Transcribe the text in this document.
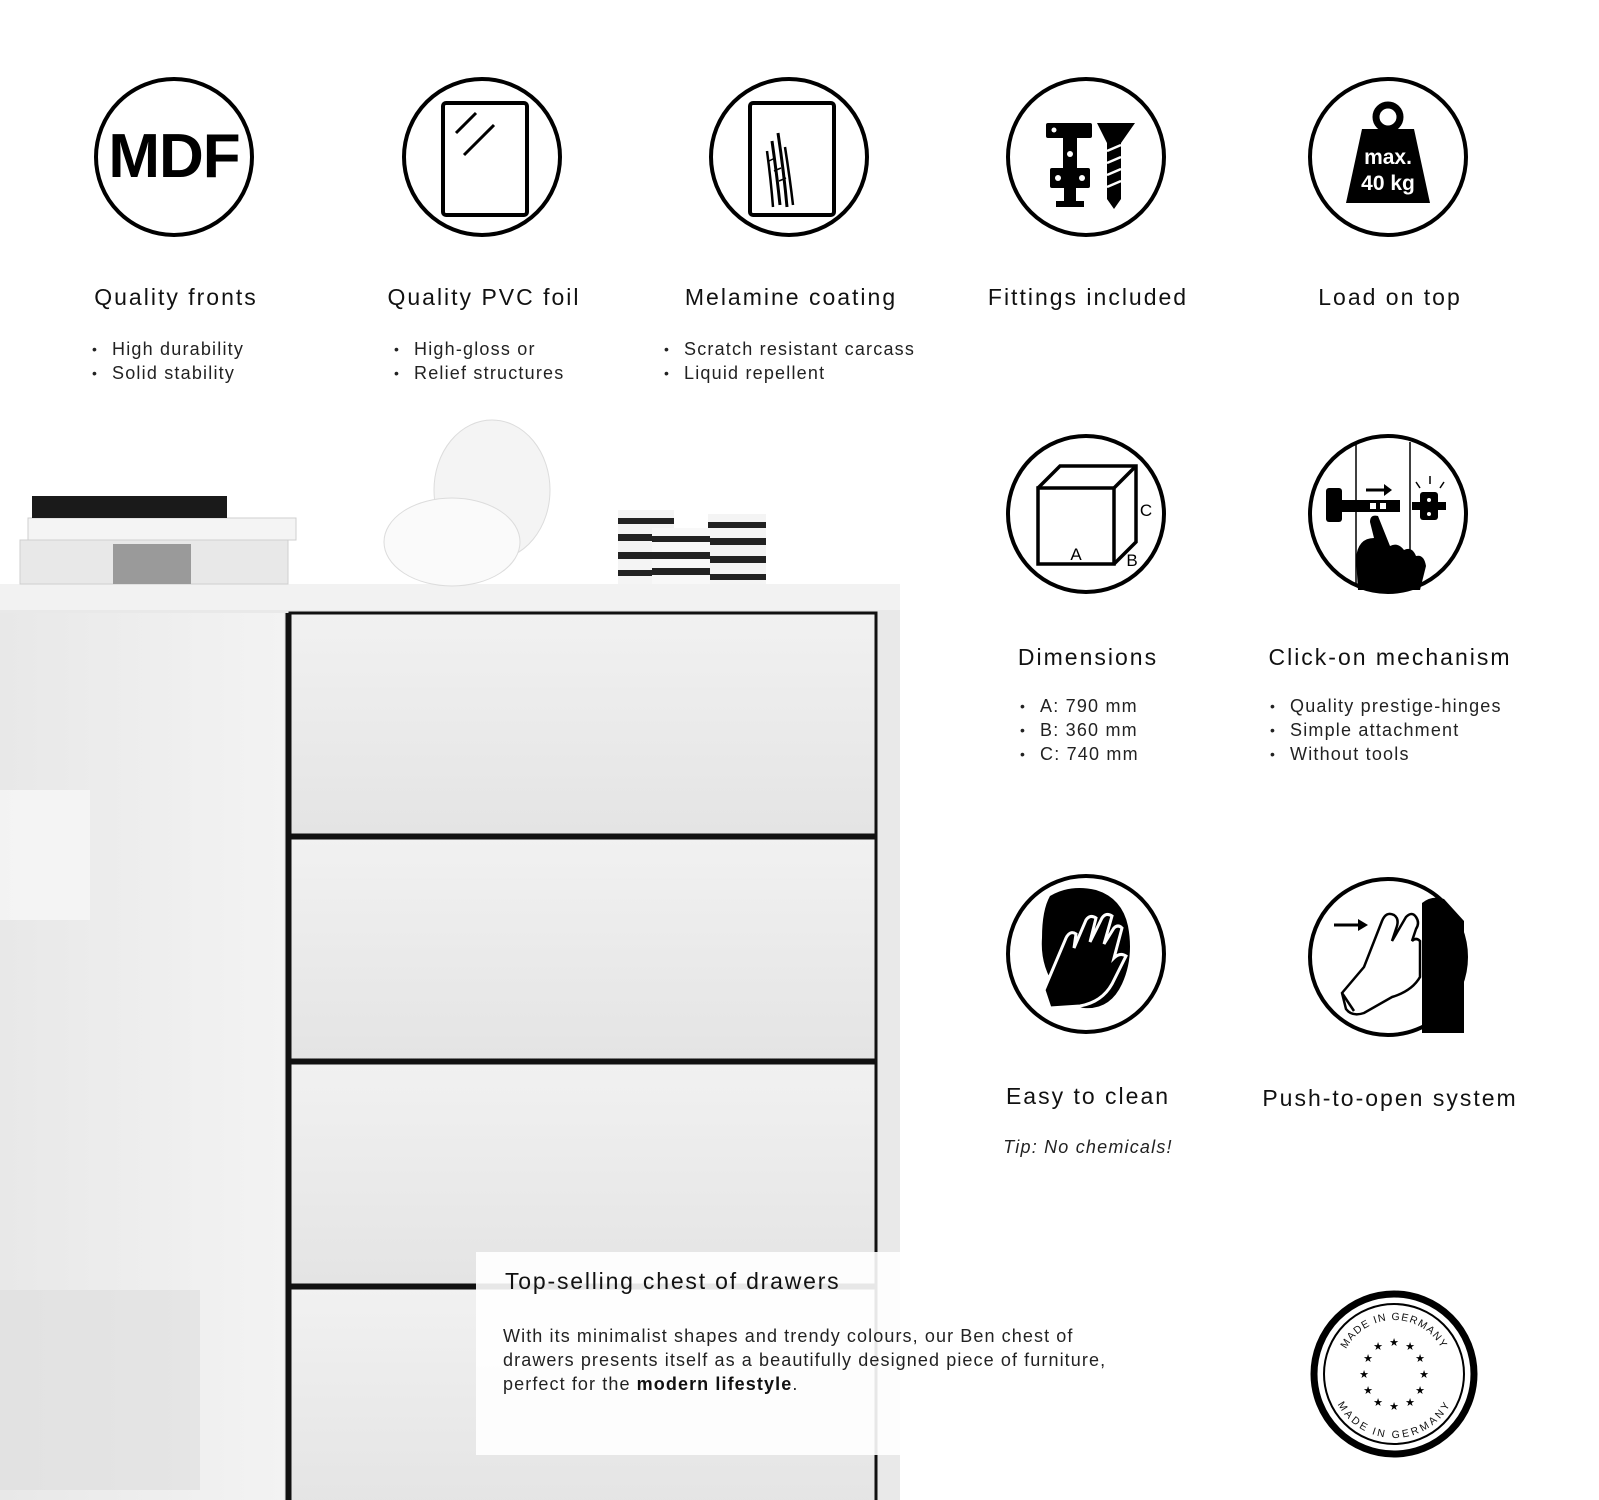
MDF
Quality fronts
• High durability
• Solid stability
Quality PVC foil
• High-gloss or
• Relief structures
Melamine coating
• Scratch resistant carcass
• Liquid repellent
Fittings included
max.
40 kg
Load on top
A	B
C
Dimensions
• A: 790 mm
• B: 360 mm
• C: 740 mm
Click-on mechanism
• Quality prestige-hinges
• Simple attachment
• Without tools
Easy to clean
Tip: No chemicals!
Push-to-open system
Top-selling chest of drawers
With its minimalist shapes and trendy colours, our Ben chest of drawers presents itself as a beautifully designed piece of furniture, perfect for the modern lifestyle.
MADE IN GERMANY
MADE IN GERMANY
★ ★
★
★
★
★
★
★
★
★
★
★
